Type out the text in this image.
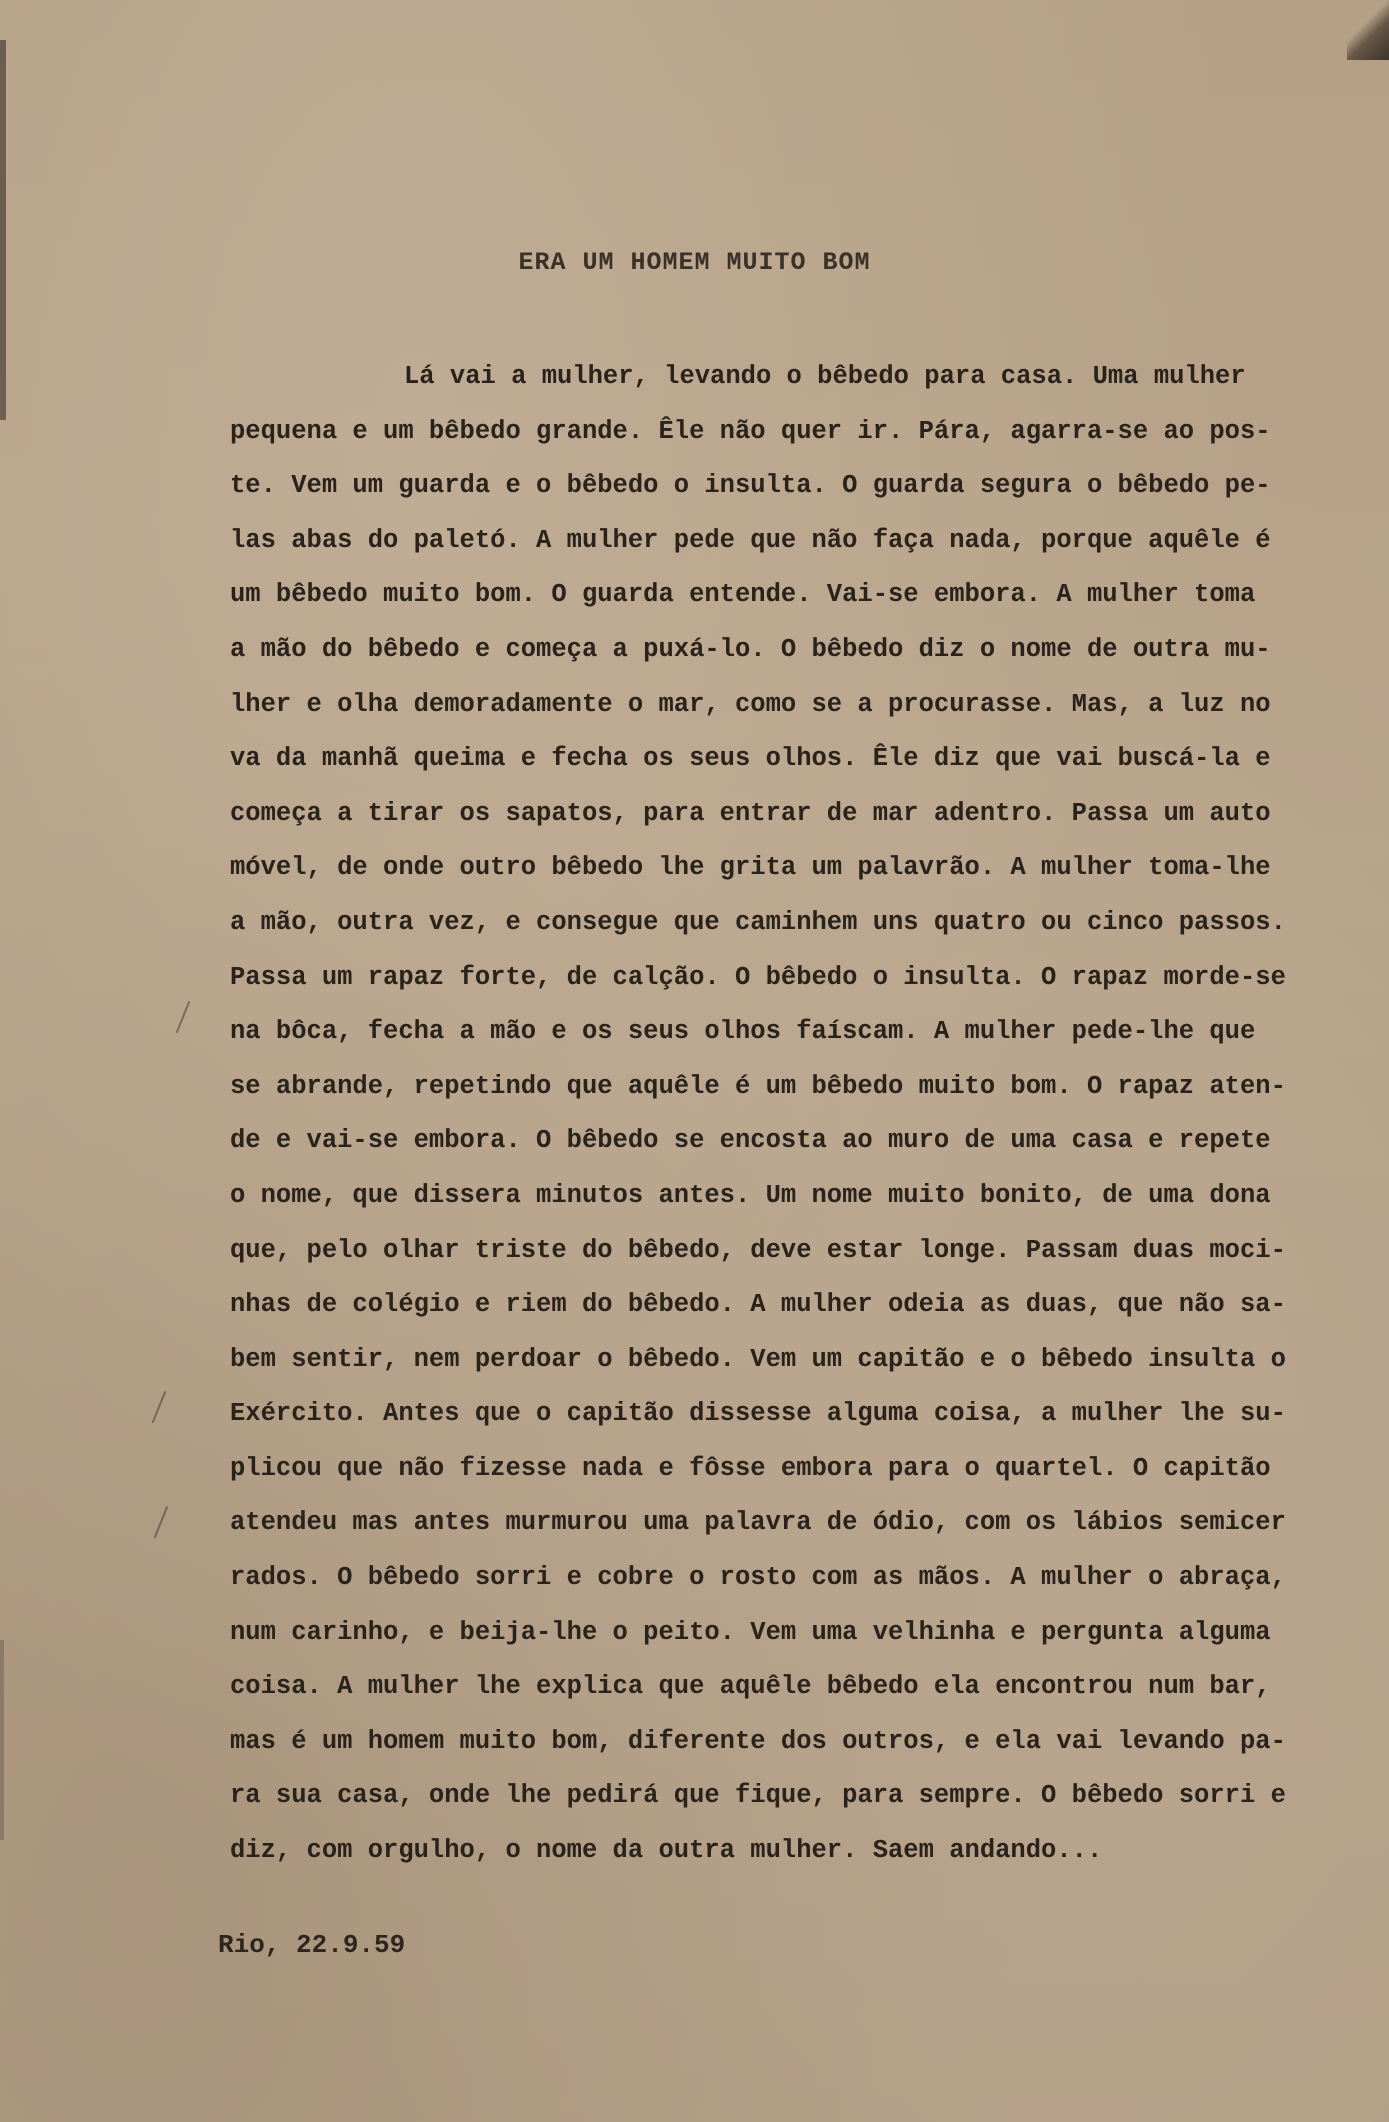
ERA UM HOMEM MUITO BOM
Lá vai a mulher, levando o bêbedo para casa. Uma mulher
pequena e um bêbedo grande. Êle não quer ir. Pára, agarra-se ao pos-
te. Vem um guarda e o bêbedo o insulta. O guarda segura o bêbedo pe-
las abas do paletó. A mulher pede que não faça nada, porque aquêle é
um bêbedo muito bom. O guarda entende. Vai-se embora. A mulher toma
a mão do bêbedo e começa a puxá-lo. O bêbedo diz o nome de outra mu-
lher e olha demoradamente o mar, como se a procurasse. Mas, a luz no
va da manhã queima e fecha os seus olhos. Êle diz que vai buscá-la e
começa a tirar os sapatos, para entrar de mar adentro. Passa um auto
móvel, de onde outro bêbedo lhe grita um palavrão. A mulher toma-lhe
a mão, outra vez, e consegue que caminhem uns quatro ou cinco passos.
Passa um rapaz forte, de calção. O bêbedo o insulta. O rapaz morde-se
na bôca, fecha a mão e os seus olhos faíscam. A mulher pede-lhe que
se abrande, repetindo que aquêle é um bêbedo muito bom. O rapaz aten-
de e vai-se embora. O bêbedo se encosta ao muro de uma casa e repete
o nome, que dissera minutos antes. Um nome muito bonito, de uma dona
que, pelo olhar triste do bêbedo, deve estar longe. Passam duas moci-
nhas de colégio e riem do bêbedo. A mulher odeia as duas, que não sa-
bem sentir, nem perdoar o bêbedo. Vem um capitão e o bêbedo insulta o
Exército. Antes que o capitão dissesse alguma coisa, a mulher lhe su-
plicou que não fizesse nada e fôsse embora para o quartel. O capitão
atendeu mas antes murmurou uma palavra de ódio, com os lábios semicer
rados. O bêbedo sorri e cobre o rosto com as mãos. A mulher o abraça,
num carinho, e beija-lhe o peito. Vem uma velhinha e pergunta alguma
coisa. A mulher lhe explica que aquêle bêbedo ela encontrou num bar,
mas é um homem muito bom, diferente dos outros, e ela vai levando pa-
ra sua casa, onde lhe pedirá que fique, para sempre. O bêbedo sorri e
diz, com orgulho, o nome da outra mulher. Saem andando...

Rio, 22.9.59
